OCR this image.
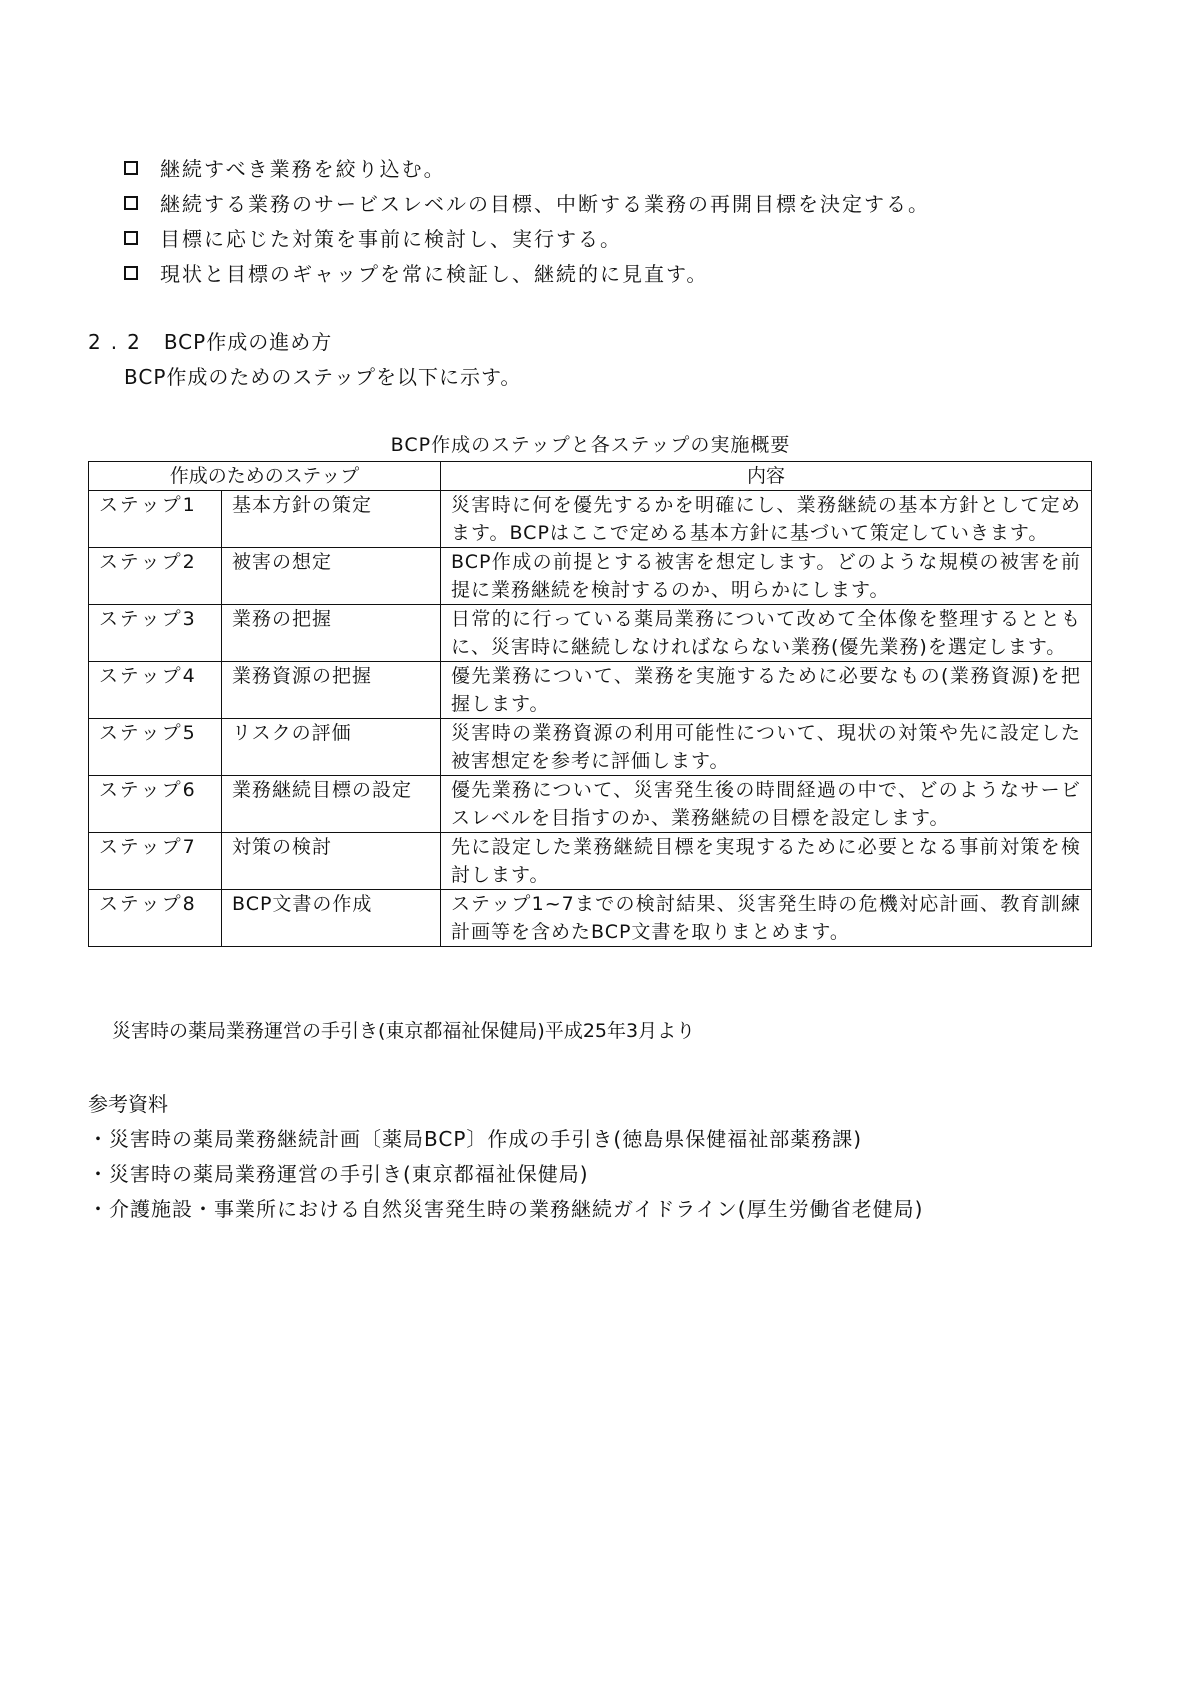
継続すべき業務を絞り込む。
継続する業務のサービスレベルの目標、中断する業務の再開目標を決定する。
目標に応じた対策を事前に検討し、実行する。
現状と目標のギャップを常に検証し、継続的に見直す。
2.2 BCP作成の進め方
BCP作成のためのステップを以下に示す。
BCP作成のステップと各ステップの実施概要
作成のためのステップ		内容
ステップ1	基本方針の策定	災害時に何を優先するかを明確にし、業務継続の基本方針として定めます。BCPはここで定める基本方針に基づいて策定していきます。
ステップ2	被害の想定	BCP作成の前提とする被害を想定します。どのような規模の被害を前提に業務継続を検討するのか、明らかにします。
ステップ3	業務の把握	日常的に行っている薬局業務について改めて全体像を整理するとともに、災害時に継続しなければならない業務(優先業務)を選定します。
ステップ4	業務資源の把握	優先業務について、業務を実施するために必要なもの(業務資源)を把握します。
ステップ5	リスクの評価	災害時の業務資源の利用可能性について、現状の対策や先に設定した被害想定を参考に評価します。
ステップ6	業務継続目標の設定	優先業務について、災害発生後の時間経過の中で、どのようなサービスレベルを目指すのか、業務継続の目標を設定します。
ステップ7	対策の検討	先に設定した業務継続目標を実現するために必要となる事前対策を検討します。
ステップ8	BCP文書の作成	ステップ1~7までの検討結果、災害発生時の危機対応計画、教育訓練計画等を含めたBCP文書を取りまとめます。
災害時の薬局業務運営の手引き(東京都福祉保健局)平成25年3月より
参考資料
・災害時の薬局業務継続計画〔薬局BCP〕作成の手引き(徳島県保健福祉部薬務課)
・災害時の薬局業務運営の手引き(東京都福祉保健局)
・介護施設・事業所における自然災害発生時の業務継続ガイドライン(厚生労働省老健局)
